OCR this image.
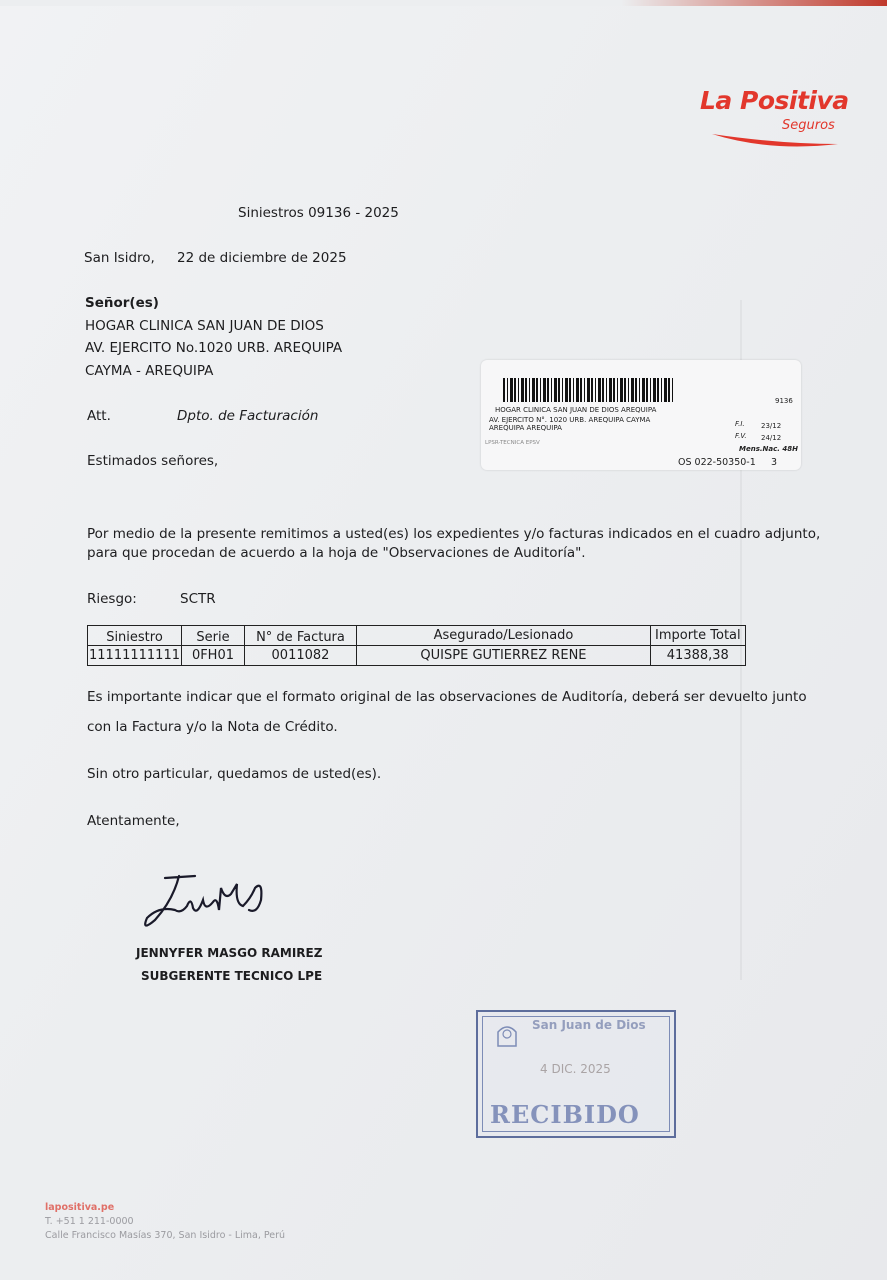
La Positiva
Seguros
Siniestros 09136 - 2025
San Isidro, 22 de diciembre de 2025
Señor(es)
HOGAR CLINICA SAN JUAN DE DIOS
AV. EJERCITO No.1020 URB. AREQUIPA
CAYMA - AREQUIPA
Att.	Dpto. de Facturación
Estimados señores,
9136
HOGAR CLINICA SAN JUAN DE DIOS AREQUIPA
AV. EJERCITO N°. 1020 URB. AREQUIPA CAYMA
AREQUIPA AREQUIPA	F.I. 23/12
F.V. 24/12
Mens.Nac. 48H
LPSR-TECNICA EPSV
OS 022-50350-1 3
Por medio de la presente remitimos a usted(es) los expedientes y/o facturas indicados en el cuadro adjunto,
para que procedan de acuerdo a la hoja de "Observaciones de Auditoría".
Riesgo:	SCTR
Siniestro	Serie	N° de Factura	Asegurado/Lesionado	Importe Total
11111111111	0FH01	0011082	QUISPE GUTIERREZ RENE	41388,38
Es importante indicar que el formato original de las observaciones de Auditoría, deberá ser devuelto junto
con la Factura y/o la Nota de Crédito.
Sin otro particular, quedamos de usted(es).
Atentamente,
JENNYFER MASGO RAMIREZ
SUBGERENTE TECNICO LPE
San Juan de Dios
4 DIC. 2025
RECIBIDO
lapositiva.pe
T. +51 1 211-0000
Calle Francisco Masías 370, San Isidro - Lima, Perú
